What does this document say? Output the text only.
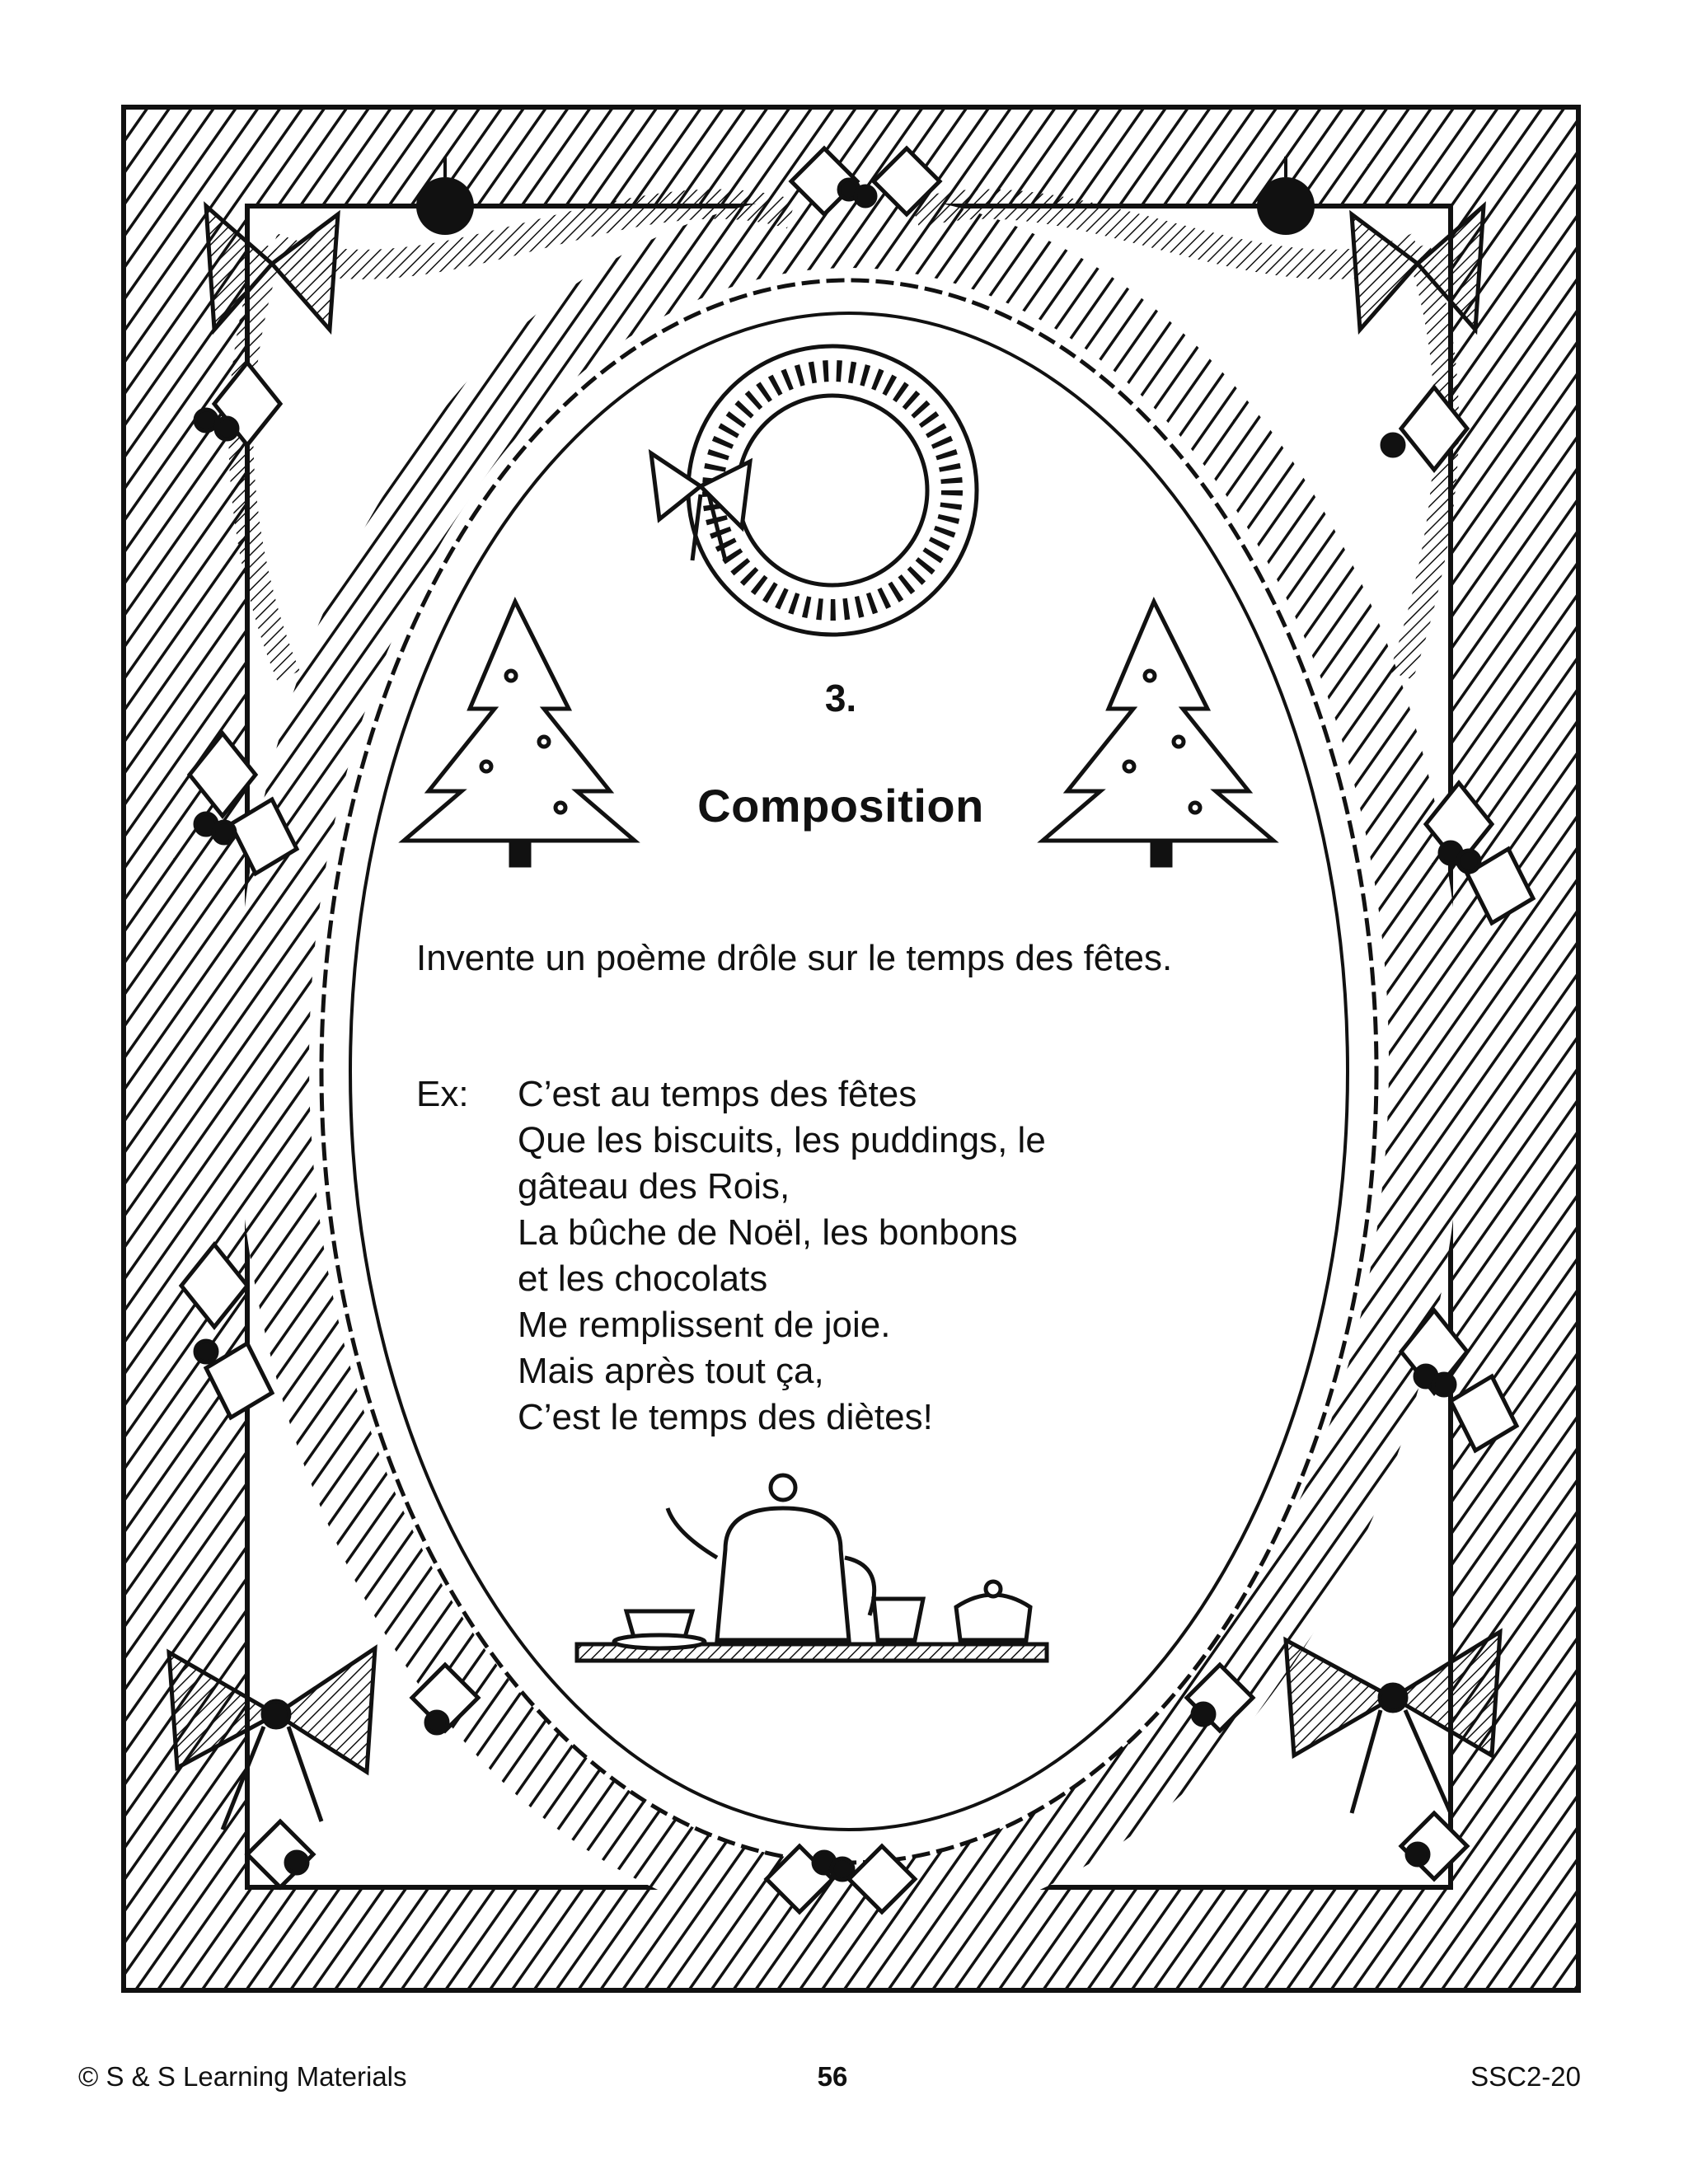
3.
Composition
Invente un poème drôle sur le temps des fêtes.
Ex: C’est au temps des fêtes
Que les biscuits, les puddings, le
gâteau des Rois,
La bûche de Noël, les bonbons
et les chocolats
Me remplissent de joie.
Mais après tout ça,
C’est le temps des diètes!
© S & S Learning Materials	56	SSC2-20
